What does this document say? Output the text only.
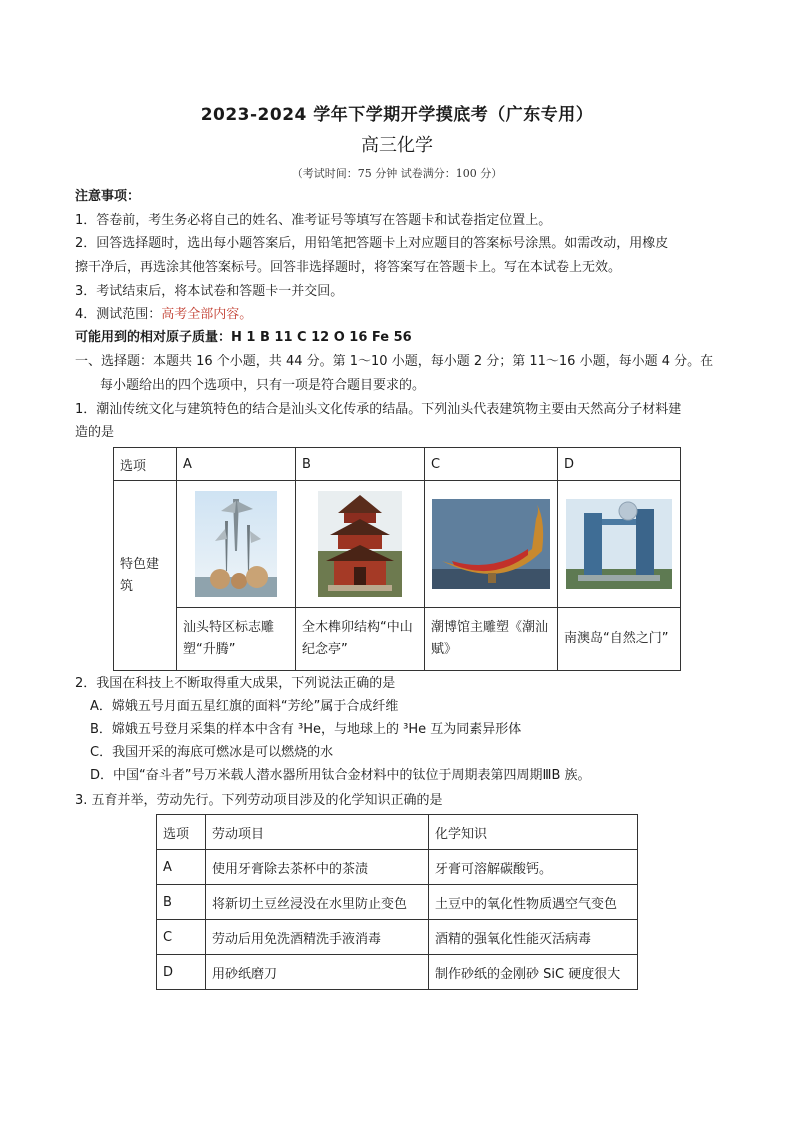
2023-2024 学年下学期开学摸底考（广东专用）
高三化学
（考试时间：75 分钟 试卷满分：100 分）
注意事项：
1．答卷前，考生务必将自己的姓名、准考证号等填写在答题卡和试卷指定位置上。
2．回答选择题时，选出每小题答案后，用铅笔把答题卡上对应题目的答案标号涂黑。如需改动，用橡皮
擦干净后，再选涂其他答案标号。回答非选择题时，将答案写在答题卡上。写在本试卷上无效。
3．考试结束后，将本试卷和答题卡一并交回。
4．测试范围：高考全部内容。
可能用到的相对原子质量：H 1 B 11 C 12 O 16 Fe 56
一、选择题：本题共 16 个小题，共 44 分。第 1～10 小题，每小题 2 分；第 11～16 小题，每小题 4 分。在
每小题给出的四个选项中，只有一项是符合题目要求的。
1．潮汕传统文化与建筑特色的结合是汕头文化传承的结晶。下列汕头代表建筑物主要由天然高分子材料建
造的是
选项	A	B	C	D
特色建筑	

	汕头特区标志雕塑“升腾”	全木榫卯结构“中山纪念亭”	潮博馆主雕塑《潮汕赋》	南澳岛“自然之门”
2．我国在科技上不断取得重大成果，下列说法正确的是
A．嫦娥五号月面五星红旗的面料“芳纶”属于合成纤维
B．嫦娥五号登月采集的样本中含有 ³He，与地球上的 ³He 互为同素异形体
C．我国开采的海底可燃冰是可以燃烧的水
D．中国“奋斗者”号万米载人潜水器所用钛合金材料中的钛位于周期表第四周期ⅢB 族。
3. 五育并举，劳动先行。下列劳动项目涉及的化学知识正确的是
选项	劳动项目	化学知识
A	使用牙膏除去茶杯中的茶渍	牙膏可溶解碳酸钙。
B	将新切土豆丝浸没在水里防止变色	土豆中的氧化性物质遇空气变色
C	劳动后用免洗酒精洗手液消毒	酒精的强氧化性能灭活病毒
D	用砂纸磨刀	制作砂纸的金刚砂 SiC 硬度很大
